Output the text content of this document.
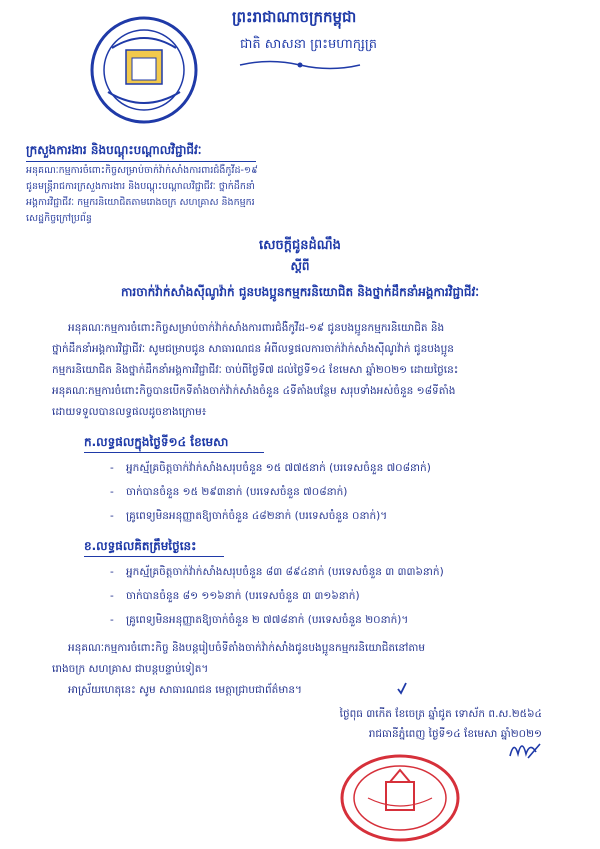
ព្រះរាជាណាចក្រកម្ពុជា
ជាតិ សាសនា ព្រះមហាក្សត្រ
ក្រសួងការងារ និងបណ្តុះបណ្តាលវិជ្ជាជីវៈ
អនុគណៈកម្មការចំពោះកិច្ចសម្រាប់ចាក់វ៉ាក់សាំងការពារជំងឺកូវីដ-១៩
ជូនមន្ត្រីរាជការក្រសួងការងារ និងបណ្តុះបណ្តាលវិជ្ជាជីវៈ ថ្នាក់ដឹកនាំ
អង្គការវិជ្ជាជីវៈ កម្មករនិយោជិតតាមរោងចក្រ សហគ្រាស និងកម្មករ
សេដ្ឋកិច្ចក្រៅប្រព័ន្ធ
សេចក្តីជូនដំណឹង
ស្តីពី
ការចាក់វ៉ាក់សាំងស៊ីណូវ៉ាក់ ជូនបងប្អូនកម្មករនិយោជិត និងថ្នាក់ដឹកនាំអង្គការវិជ្ជាជីវៈ
អនុគណៈកម្មការចំពោះកិច្ចសម្រាប់ចាក់វ៉ាក់សាំងការពារជំងឺកូវីដ-១៩ ជូនបងប្អូនកម្មករនិយោជិត និង
ថ្នាក់ដឹកនាំអង្គការវិជ្ជាជីវៈ សូមជម្រាបជូន សាធារណជន អំពីលទ្ធផលការចាក់វ៉ាក់សាំងស៊ីណូវ៉ាក់ ជូនបងប្អូន
កម្មករនិយោជិត និងថ្នាក់ដឹកនាំអង្គការវិជ្ជាជីវៈ ចាប់ពីថ្ងៃទី៧ ដល់ថ្ងៃទី១៤ ខែមេសា ឆ្នាំ២០២១ ដោយថ្ងៃនេះ
អនុគណៈកម្មការចំពោះកិច្ចបានបើកទីតាំងចាក់វ៉ាក់សាំងចំនួន ៤ទីតាំងបន្ថែម សរុបទាំងអស់ចំនួន ១៨ទីតាំង
ដោយទទួលបានលទ្ធផលដូចខាងក្រោម៖
ក.លទ្ធផលក្នុងថ្ងៃទី១៤ ខែមេសា
- អ្នកស្ម័គ្រចិត្តចាក់វ៉ាក់សាំងសរុបចំនួន ១៥ ៧៧៥នាក់ (បរទេសចំនួន ៧០៨នាក់)
- ចាក់បានចំនួន ១៥ ២៩៣នាក់ (បរទេសចំនួន ៧០៨នាក់)
- គ្រូពេទ្យមិនអនុញ្ញាតឱ្យចាក់ចំនួន ៤៨២នាក់ (បរទេសចំនួន ០នាក់)។
ខ.លទ្ធផលគិតត្រឹមថ្ងៃនេះ
- អ្នកស្ម័គ្រចិត្តចាក់វ៉ាក់សាំងសរុបចំនួន ៨៣ ៨៩៤នាក់ (បរទេសចំនួន ៣ ៣៣៦នាក់)
- ចាក់បានចំនួន ៨១ ១១៦នាក់ (បរទេសចំនួន ៣ ៣១៦នាក់)
- គ្រូពេទ្យមិនអនុញ្ញាតឱ្យចាក់ចំនួន ២ ៧៧៨នាក់ (បរទេសចំនួន ២០នាក់)។
អនុគណៈកម្មការចំពោះកិច្ច និងបន្តរៀបចំទីតាំងចាក់វ៉ាក់សាំងជូនបងប្អូនកម្មករនិយោជិតនៅតាម
រោងចក្រ សហគ្រាស ជាបន្តបន្ទាប់ទៀត។
អាស្រ័យហេតុនេះ សូម សាធារណជន មេត្តាជ្រាបជាព័ត៌មាន។
ថ្ងៃពុធ ៣កើត ខែចេត្រ ឆ្នាំជូត ទោស័ក ព.ស.២៥៦៤
រាជធានីភ្នំពេញ ថ្ងៃទី១៤ ខែមេសា ឆ្នាំ២០២១
